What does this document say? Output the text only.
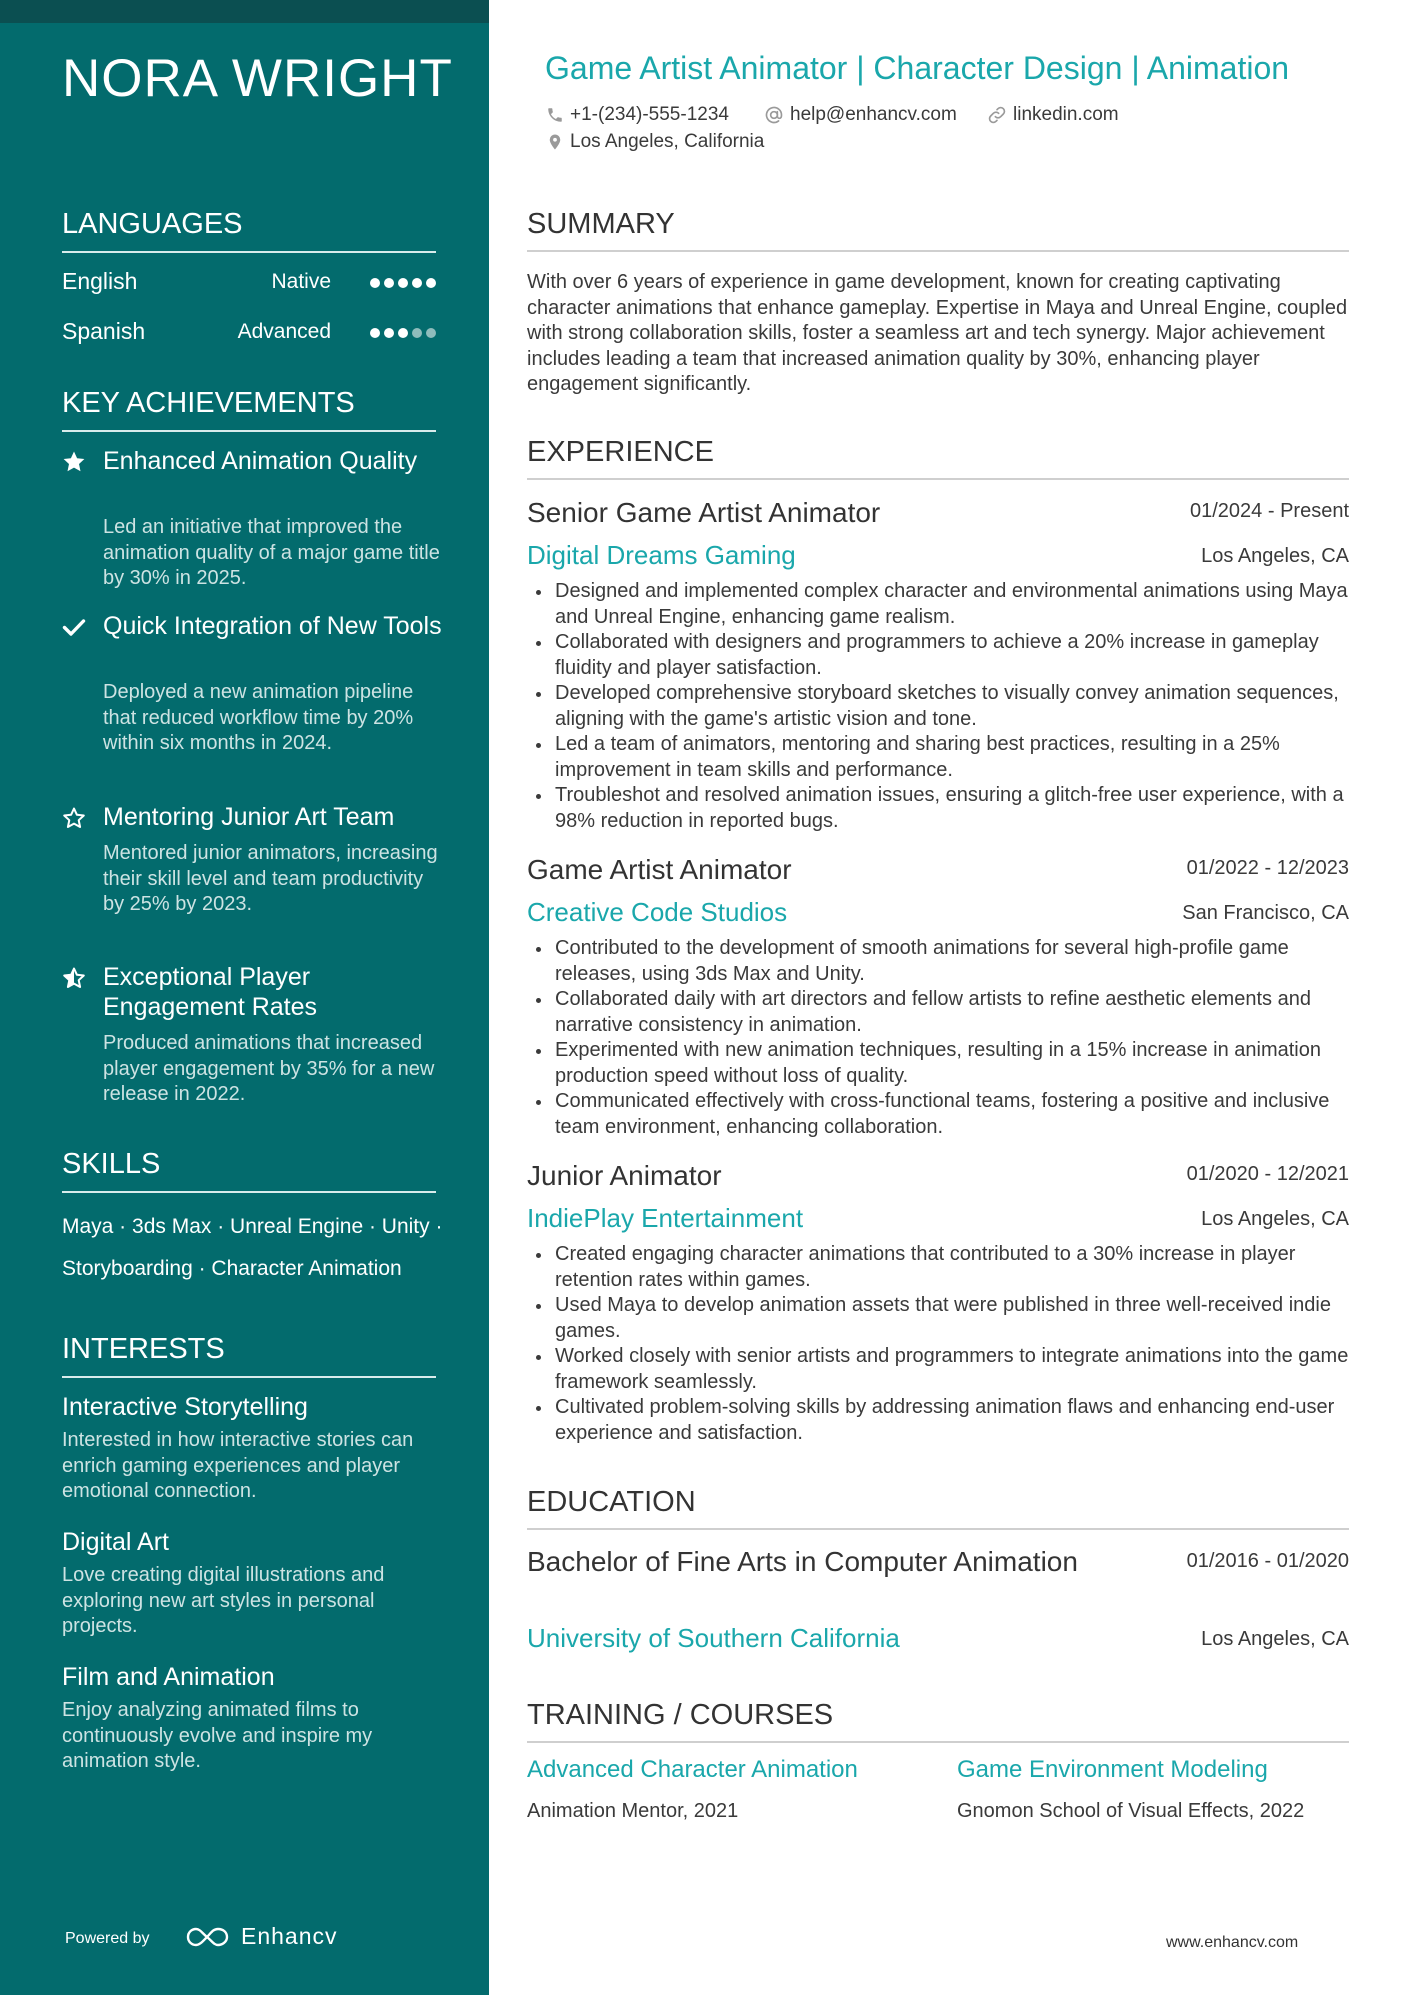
NORA WRIGHT
LANGUAGES
English	Native
Spanish	Advanced
KEY ACHIEVEMENTS
Enhanced Animation Quality
Led an initiative that improved the animation quality of a major game title by 30% in 2025.
Quick Integration of New Tools
Deployed a new animation pipeline that reduced workflow time by 20% within six months in 2024.
Mentoring Junior Art Team
Mentored junior animators, increasing their skill level and team productivity by 25% by 2023.
Exceptional Player Engagement Rates
Produced animations that increased player engagement by 35% for a new release in 2022.
SKILLS
Maya · 3ds Max · Unreal Engine · Unity · Storyboarding · Character Animation
INTERESTS
Interactive Storytelling
Interested in how interactive stories can enrich gaming experiences and player emotional connection.
Digital Art
Love creating digital illustrations and exploring new art styles in personal projects.
Film and Animation
Enjoy analyzing animated films to continuously evolve and inspire my animation style.
Powered by	Enhancv
Game Artist Animator | Character Design | Animation
+1-(234)-555-1234	help@enhancv.com	linkedin.com
Los Angeles, California
SUMMARY
With over 6 years of experience in game development, known for creating captivating character animations that enhance gameplay. Expertise in Maya and Unreal Engine, coupled with strong collaboration skills, foster a seamless art and tech synergy. Major achievement includes leading a team that increased animation quality by 30%, enhancing player engagement significantly.
EXPERIENCE
Senior Game Artist Animator	01/2024 - Present
Digital Dreams Gaming	Los Angeles, CA
Designed and implemented complex character and environmental animations using Maya and Unreal Engine, enhancing game realism.
Collaborated with designers and programmers to achieve a 20% increase in gameplay fluidity and player satisfaction.
Developed comprehensive storyboard sketches to visually convey animation sequences, aligning with the game's artistic vision and tone.
Led a team of animators, mentoring and sharing best practices, resulting in a 25% improvement in team skills and performance.
Troubleshot and resolved animation issues, ensuring a glitch-free user experience, with a 98% reduction in reported bugs.
Game Artist Animator	01/2022 - 12/2023
Creative Code Studios	San Francisco, CA
Contributed to the development of smooth animations for several high-profile game releases, using 3ds Max and Unity.
Collaborated daily with art directors and fellow artists to refine aesthetic elements and narrative consistency in animation.
Experimented with new animation techniques, resulting in a 15% increase in animation production speed without loss of quality.
Communicated effectively with cross-functional teams, fostering a positive and inclusive team environment, enhancing collaboration.
Junior Animator	01/2020 - 12/2021
IndiePlay Entertainment	Los Angeles, CA
Created engaging character animations that contributed to a 30% increase in player retention rates within games.
Used Maya to develop animation assets that were published in three well-received indie games.
Worked closely with senior artists and programmers to integrate animations into the game framework seamlessly.
Cultivated problem-solving skills by addressing animation flaws and enhancing end-user experience and satisfaction.
EDUCATION
Bachelor of Fine Arts in Computer Animation	01/2016 - 01/2020
University of Southern California	Los Angeles, CA
TRAINING / COURSES
Advanced Character Animation
Animation Mentor, 2021
Game Environment Modeling
Gnomon School of Visual Effects, 2022
www.enhancv.com
